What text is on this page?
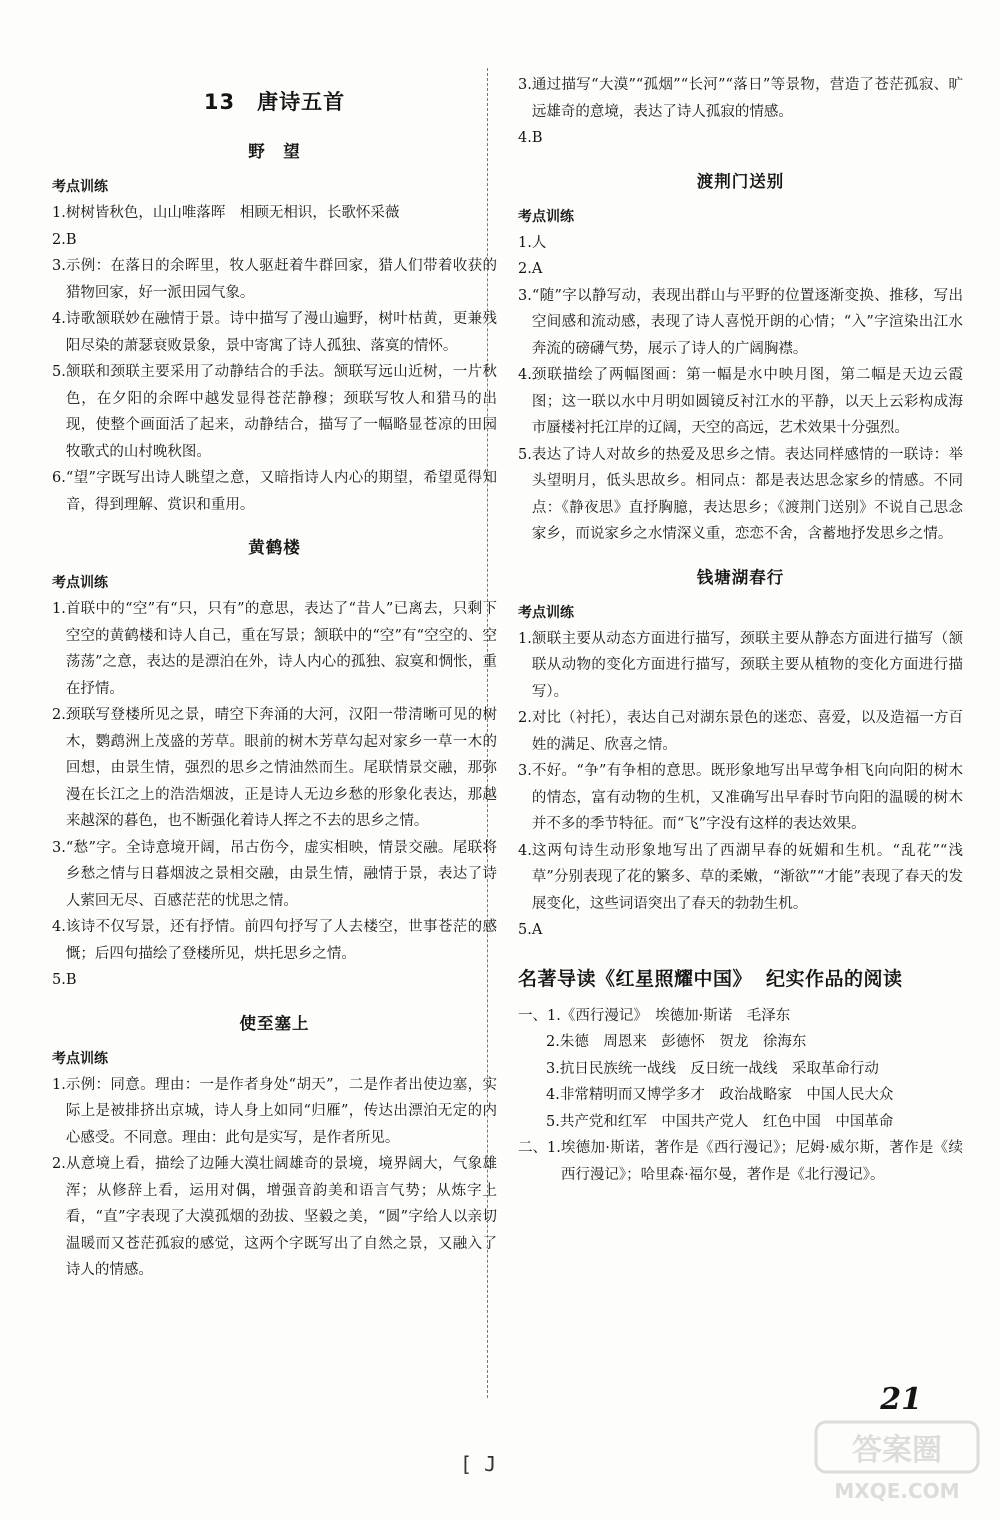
13　唐诗五首
野　望
考点训练
1. 树树皆秋色，山山唯落晖　相顾无相识，长歌怀采薇
2. B
3. 示例：在落日的余晖里，牧人驱赶着牛群回家，猎人们带着收获的猎物回家，好一派田园气象。
4. 诗歌颔联妙在融情于景。诗中描写了漫山遍野，树叶枯黄，更兼残阳尽染的萧瑟衰败景象，景中寄寓了诗人孤独、落寞的情怀。
5. 颔联和颈联主要采用了动静结合的手法。颔联写远山近树，一片秋色，在夕阳的余晖中越发显得苍茫静穆；颈联写牧人和猎马的出现，使整个画面活了起来，动静结合，描写了一幅略显苍凉的田园牧歌式的山村晚秋图。
6. “望”字既写出诗人眺望之意，又暗指诗人内心的期望，希望觅得知音，得到理解、赏识和重用。
黄鹤楼
考点训练
1. 首联中的“空”有“只，只有”的意思，表达了“昔人”已离去，只剩下空空的黄鹤楼和诗人自己，重在写景；颔联中的“空”有“空空的、空荡荡”之意，表达的是漂泊在外，诗人内心的孤独、寂寞和惆怅，重在抒情。
2. 颈联写登楼所见之景，晴空下奔涌的大河，汉阳一带清晰可见的树木，鹦鹉洲上茂盛的芳草。眼前的树木芳草勾起对家乡一草一木的回想，由景生情，强烈的思乡之情油然而生。尾联情景交融，那弥漫在长江之上的浩浩烟波，正是诗人无边乡愁的形象化表达，那越来越深的暮色，也不断强化着诗人挥之不去的思乡之情。
3. “愁”字。全诗意境开阔，吊古伤今，虚实相映，情景交融。尾联将乡愁之情与日暮烟波之景相交融，由景生情，融情于景，表达了诗人萦回无尽、百感茫茫的忧思之情。
4. 该诗不仅写景，还有抒情。前四句抒写了人去楼空，世事苍茫的感慨；后四句描绘了登楼所见，烘托思乡之情。
5. B
使至塞上
考点训练
1. 示例：同意。理由：一是作者身处“胡天”，二是作者出使边塞，实际上是被排挤出京城，诗人身上如同“归雁”，传达出漂泊无定的内心感受。不同意。理由：此句是实写，是作者所见。
2. 从意境上看，描绘了边陲大漠壮阔雄奇的景境，境界阔大，气象雄浑；从修辞上看，运用对偶，增强音韵美和语言气势；从炼字上看，“直”字表现了大漠孤烟的劲拔、坚毅之美，“圆”字给人以亲切温暖而又苍茫孤寂的感觉，这两个字既写出了自然之景，又融入了诗人的情感。
3. 通过描写“大漠”“孤烟”“长河”“落日”等景物，营造了苍茫孤寂、旷远雄奇的意境，表达了诗人孤寂的情感。
4. B
渡荆门送别
考点训练
1. 人
2. A
3. “随”字以静写动，表现出群山与平野的位置逐渐变换、推移，写出空间感和流动感，表现了诗人喜悦开朗的心情；“入”字渲染出江水奔流的磅礴气势，展示了诗人的广阔胸襟。
4. 颈联描绘了两幅图画：第一幅是水中映月图，第二幅是天边云霞图；这一联以水中月明如圆镜反衬江水的平静，以天上云彩构成海市蜃楼衬托江岸的辽阔，天空的高远，艺术效果十分强烈。
5. 表达了诗人对故乡的热爱及思乡之情。表达同样感情的一联诗：举头望明月，低头思故乡。相同点：都是表达思念家乡的情感。不同点：《静夜思》直抒胸臆，表达思乡；《渡荆门送别》不说自己思念家乡，而说家乡之水情深义重，恋恋不舍，含蓄地抒发思乡之情。
钱塘湖春行
考点训练
1. 颔联主要从动态方面进行描写，颈联主要从静态方面进行描写（颔联从动物的变化方面进行描写，颈联主要从植物的变化方面进行描写）。
2. 对比（衬托），表达自己对湖东景色的迷恋、喜爱，以及造福一方百姓的满足、欣喜之情。
3. 不好。“争”有争相的意思。既形象地写出早莺争相飞向向阳的树木的情态，富有动物的生机，又准确写出早春时节向阳的温暖的树木并不多的季节特征。而“飞”字没有这样的表达效果。
4. 这两句诗生动形象地写出了西湖早春的妩媚和生机。“乱花”“浅草”分别表现了花的繁多、草的柔嫩，“渐欲”“才能”表现了春天的发展变化，这些词语突出了春天的勃勃生机。
5. A
名著导读《红星照耀中国》 纪实作品的阅读
一、 1. 《西行漫记》　埃德加·斯诺　毛泽东
2. 朱德　周恩来　彭德怀　贺龙　徐海东
3. 抗日民族统一战线　反日统一战线　采取革命行动
4. 非常精明而又博学多才　政治战略家　中国人民大众
5. 共产党和红军　中国共产党人　红色中国　中国革命
二、 1. 埃德加·斯诺，著作是《西行漫记》；尼姆·威尔斯，著作是《续西行漫记》；哈里森·福尔曼，著作是《北行漫记》。
21
[ J	答案圈
MXQE.COM
